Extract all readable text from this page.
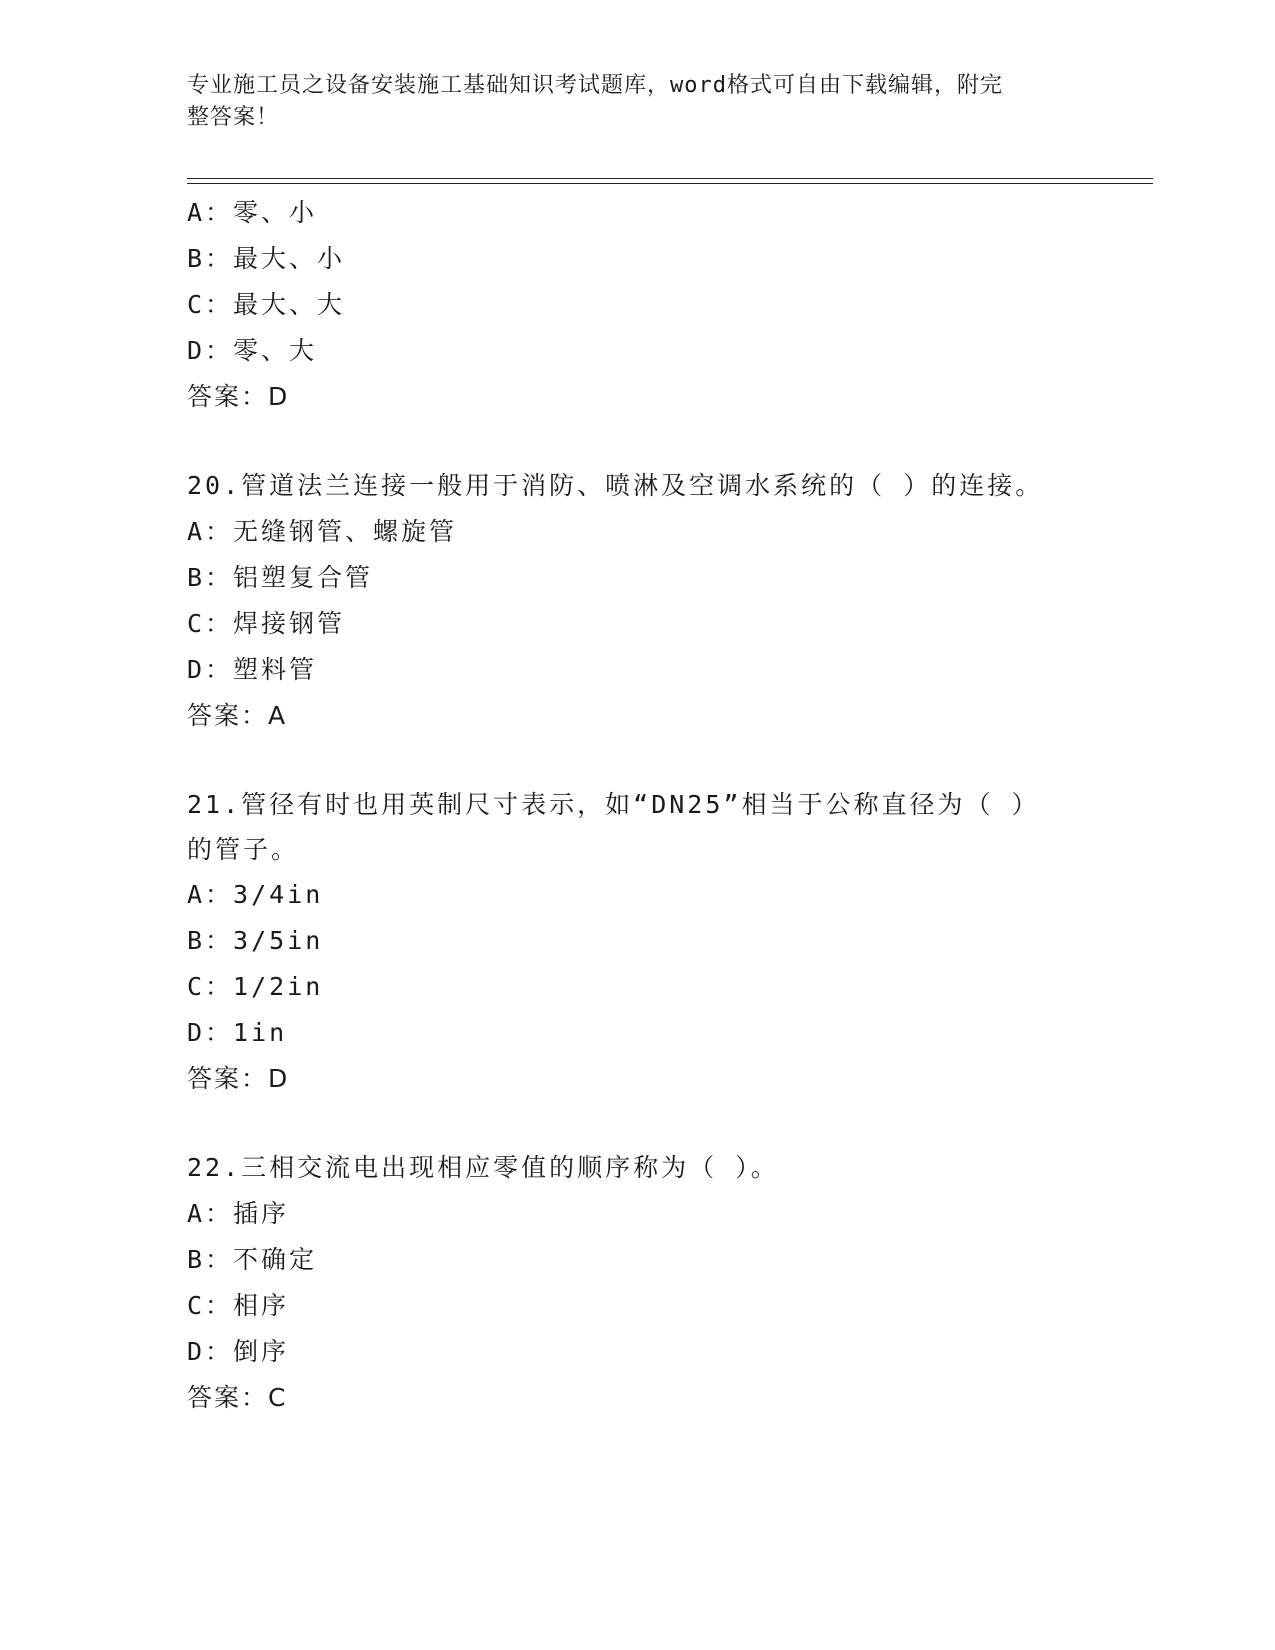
专业施工员之设备安装施工基础知识考试题库，word格式可自由下载编辑，附完
整答案！
A：零、小
B：最大、小
C：最大、大
D：零、大
答案：D
20.管道法兰连接一般用于消防、喷淋及空调水系统的（ ）的连接。
A：无缝钢管、螺旋管
B：铝塑复合管
C：焊接钢管
D：塑料管
答案：A
21.管径有时也用英制尺寸表示，如“DN25”相当于公称直径为（ ）
的管子。
A：3/4in
B：3/5in
C：1/2in
D：1in
答案：D
22.三相交流电出现相应零值的顺序称为（ ）。
A：插序
B：不确定
C：相序
D：倒序
答案：C
